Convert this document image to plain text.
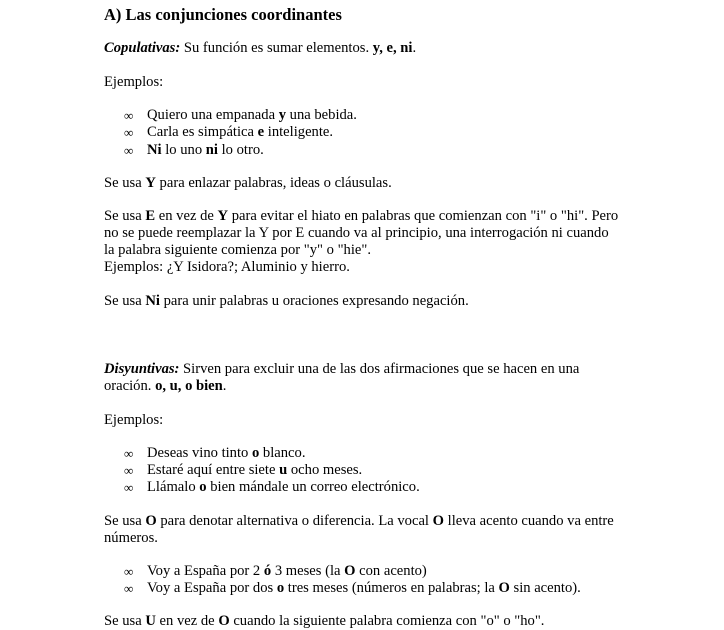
A) Las conjunciones coordinantes
Copulativas: Su función es sumar elementos. y, e, ni.
Ejemplos:
∞ Quiero una empanada y una bebida.
∞ Carla es simpática e inteligente.
∞ Ni lo uno ni lo otro.
Se usa Y para enlazar palabras, ideas o cláusulas.
Se usa E en vez de Y para evitar el hiato en palabras que comienzan con "i" o "hi". Pero
no se puede reemplazar la Y por E cuando va al principio, una interrogación ni cuando
la palabra siguiente comienza por "y" o "hie".
Ejemplos: ¿Y Isidora?; Aluminio y hierro.
Se usa Ni para unir palabras u oraciones expresando negación.
Disyuntivas: Sirven para excluir una de las dos afirmaciones que se hacen en una
oración. o, u, o bien.
Ejemplos:
∞ Deseas vino tinto o blanco.
∞ Estaré aquí entre siete u ocho meses.
∞ Llámalo o bien mándale un correo electrónico.
Se usa O para denotar alternativa o diferencia. La vocal O lleva acento cuando va entre
números.
∞ Voy a España por 2 ó 3 meses (la O con acento)
∞ Voy a España por dos o tres meses (números en palabras; la O sin acento).
Se usa U en vez de O cuando la siguiente palabra comienza con "o" o "ho".
